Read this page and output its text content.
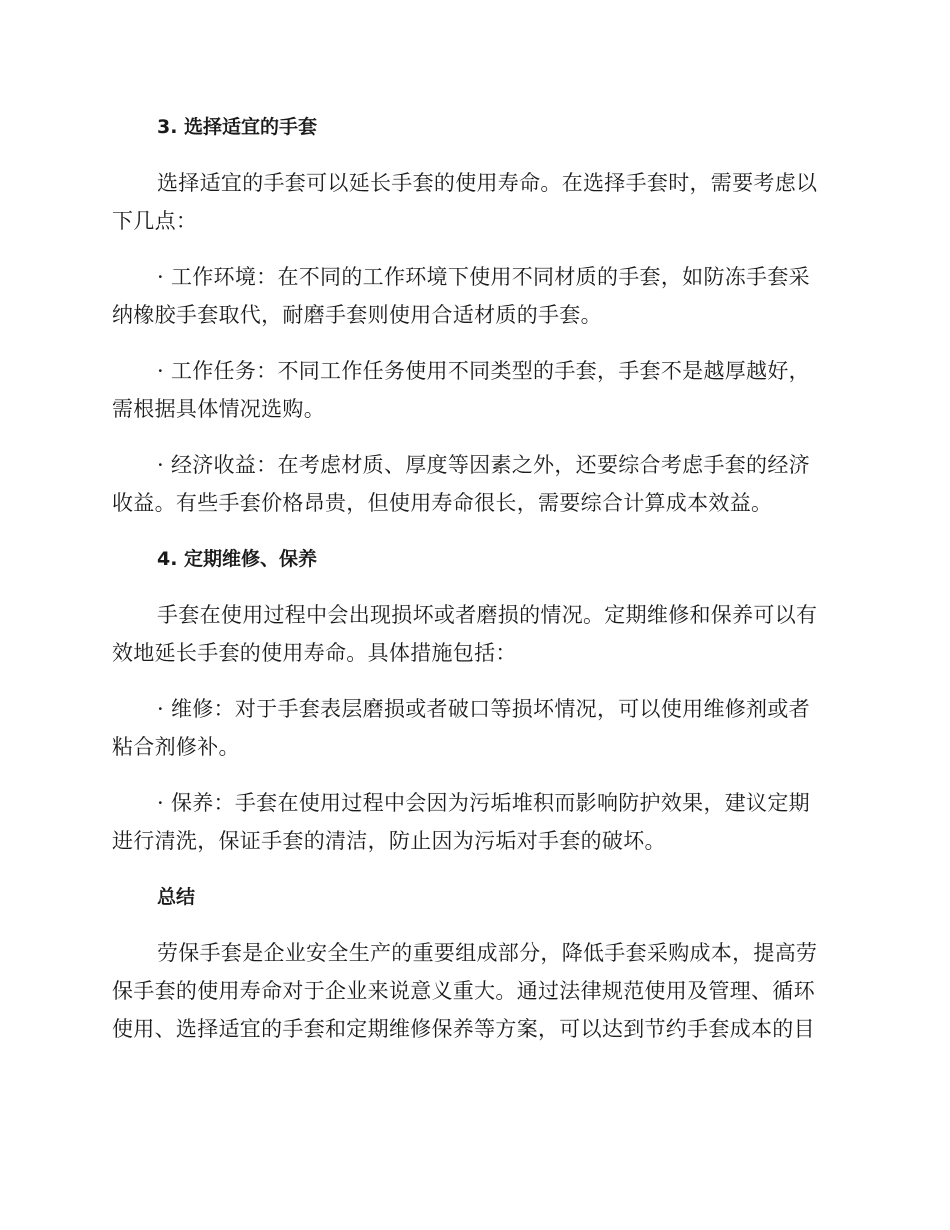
3. 选择适宜的手套
选择适宜的手套可以延长手套的使用寿命。在选择手套时，需要考虑以
下几点：
· 工作环境：在不同的工作环境下使用不同材质的手套，如防冻手套采
纳橡胶手套取代，耐磨手套则使用合适材质的手套。
· 工作任务：不同工作任务使用不同类型的手套，手套不是越厚越好，
需根据具体情况选购。
· 经济收益：在考虑材质、厚度等因素之外，还要综合考虑手套的经济
收益。有些手套价格昂贵，但使用寿命很长，需要综合计算成本效益。
4. 定期维修、保养
手套在使用过程中会出现损坏或者磨损的情况。定期维修和保养可以有
效地延长手套的使用寿命。具体措施包括：
· 维修：对于手套表层磨损或者破口等损坏情况，可以使用维修剂或者
粘合剂修补。
· 保养：手套在使用过程中会因为污垢堆积而影响防护效果，建议定期
进行清洗，保证手套的清洁，防止因为污垢对手套的破坏。
总结
劳保手套是企业安全生产的重要组成部分，降低手套采购成本，提高劳
保手套的使用寿命对于企业来说意义重大。通过法律规范使用及管理、循环
使用、选择适宜的手套和定期维修保养等方案，可以达到节约手套成本的目
